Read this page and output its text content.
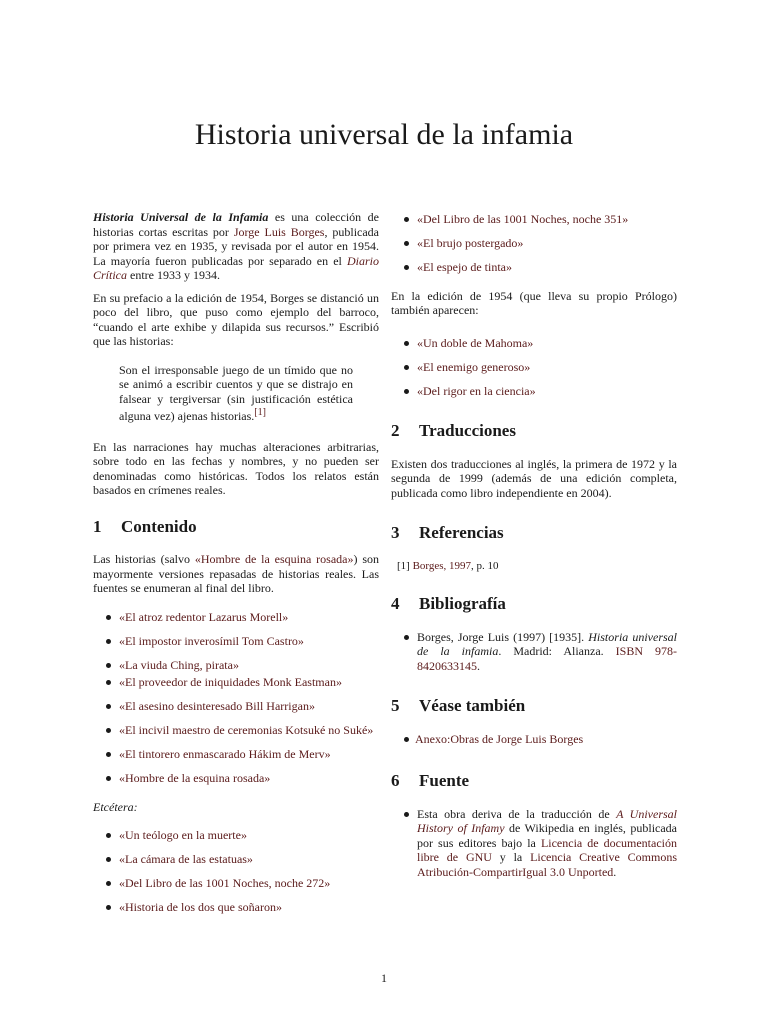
Historia universal de la infamia

Historia Universal de la Infamia es una colección de historias cortas escritas por Jorge Luis Borges, publicada por primera vez en 1935, y revisada por el autor en 1954. La mayoría fueron publicadas por separado en el Diario Crítica entre 1933 y 1934.

En su prefacio a la edición de 1954, Borges se distanció un poco del libro, que puso como ejemplo del barroco, “cuando el arte exhibe y dilapida sus recursos.” Escribió que las historias:

Son el irresponsable juego de un tímido que no se animó a escribir cuentos y que se distrajo en falsear y tergiversar (sin justificación estética alguna vez) ajenas historias.[1]

En las narraciones hay muchas alteraciones arbitrarias, sobre todo en las fechas y nombres, y no pueden ser denominadas como históricas. Todos los relatos están basados en crímenes reales.

1 Contenido

Las historias (salvo «Hombre de la esquina rosada») son mayormente versiones repasadas de historias reales. Las fuentes se enumeran al final del libro.

«El atroz redentor Lazarus Morell»
«El impostor inverosímil Tom Castro»
«La viuda Ching, pirata»
«El proveedor de iniquidades Monk Eastman»
«El asesino desinteresado Bill Harrigan»
«El incivil maestro de ceremonias Kotsuké no Suké»
«El tintorero enmascarado Hákim de Merv»
«Hombre de la esquina rosada»

Etcétera:

«Un teólogo en la muerte»
«La cámara de las estatuas»
«Del Libro de las 1001 Noches, noche 272»
«Historia de los dos que soñaron»
«Del Libro de las 1001 Noches, noche 351»
«El brujo postergado»
«El espejo de tinta»

En la edición de 1954 (que lleva su propio Prólogo) también aparecen:

«Un doble de Mahoma»
«El enemigo generoso»
«Del rigor en la ciencia»
2 Traducciones

Existen dos traducciones al inglés, la primera de 1972 y la segunda de 1999 (además de una edición completa, publicada como libro independiente en 2004).

3 Referencias

[1] Borges, 1997, p. 10

4 Bibliografía
Borges, Jorge Luis (1997) [1935]. Historia universal de la infamia. Madrid: Alianza. ISBN 978-8420633145.
5 Véase también
Anexo:Obras de Jorge Luis Borges
6 Fuente
Esta obra deriva de la traducción de A Universal History of Infamy de Wikipedia en inglés, publicada por sus editores bajo la Licencia de documentación libre de GNU y la Licencia Creative Commons Atribución-CompartirIgual 3.0 Unported.
1
